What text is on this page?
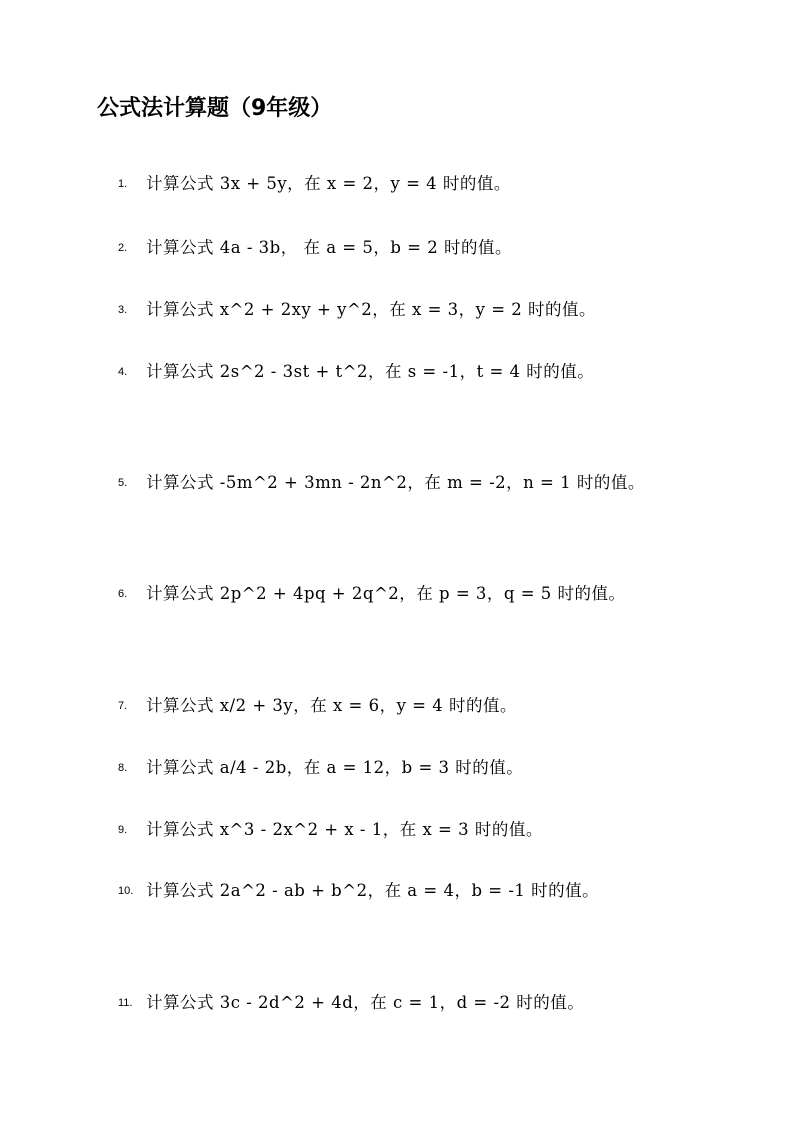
公式法计算题（9年级）
1.	计算公式 3x + 5y，在 x = 2，y = 4 时的值。
2.	计算公式 4a - 3b， 在 a = 5，b = 2 时的值。
3.	计算公式 x^2 + 2xy + y^2，在 x = 3，y = 2 时的值。
4.	计算公式 2s^2 - 3st + t^2，在 s = -1，t = 4 时的值。
5.	计算公式 -5m^2 + 3mn - 2n^2，在 m = -2，n = 1 时的值。
6.	计算公式 2p^2 + 4pq + 2q^2，在 p = 3，q = 5 时的值。
7.	计算公式 x/2 + 3y，在 x = 6，y = 4 时的值。
8.	计算公式 a/4 - 2b，在 a = 12，b = 3 时的值。
9.	计算公式 x^3 - 2x^2 + x - 1，在 x = 3 时的值。
10. 计算公式 2a^2 - ab + b^2，在 a = 4，b = -1 时的值。
11. 计算公式 3c - 2d^2 + 4d，在 c = 1，d = -2 时的值。
